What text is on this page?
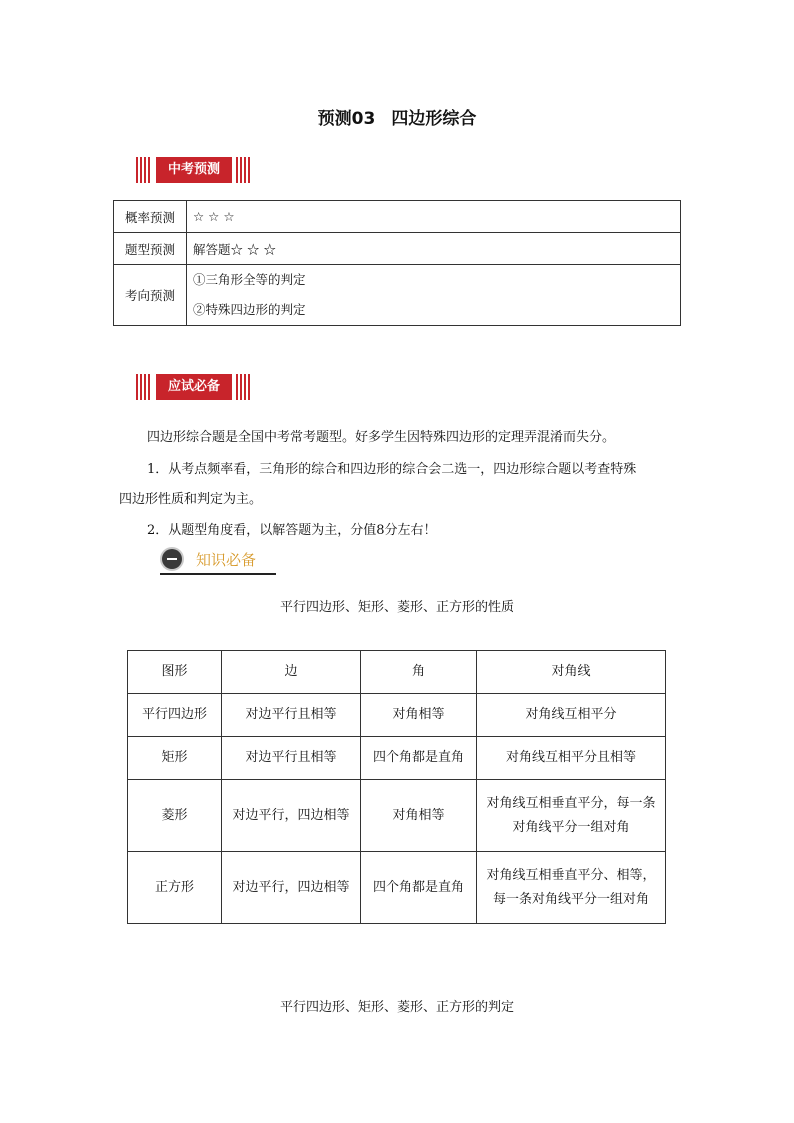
预测03 四边形综合
中考预测
概率预测	☆ ☆ ☆
题型预测	解答题☆ ☆ ☆
考向预测	①三角形全等的判定
②特殊四边形的判定
应试必备
四边形综合题是全国中考常考题型。好多学生因特殊四边形的定理弄混淆而失分。
1．从考点频率看，三角形的综合和四边形的综合会二选一，四边形综合题以考查特殊
四边形性质和判定为主。
2．从题型角度看，以解答题为主，分值8分左右！
知识必备
平行四边形、矩形、菱形、正方形的性质
图形	边	角	对角线
平行四边形	对边平行且相等	对角相等	对角线互相平分
矩形	对边平行且相等	四个角都是直角	对角线互相平分且相等
菱形	对边平行，四边相等	对角相等	对角线互相垂直平分，每一条
对角线平分一组对角
正方形	对边平行，四边相等	四个角都是直角	对角线互相垂直平分、相等，
每一条对角线平分一组对角
平行四边形、矩形、菱形、正方形的判定
